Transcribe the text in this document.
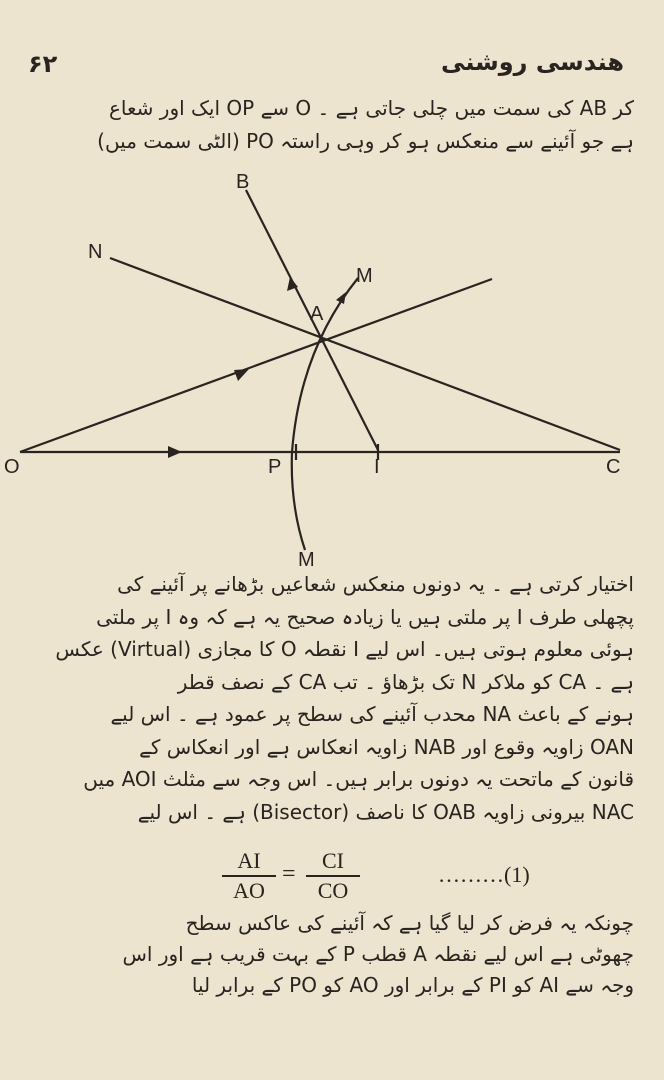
۶۲	هندسی روشنی
کر AB کی سمت میں چلی جاتی ہے ۔ O سے OP ایک اور شعاع
ہے جو آئینے سے منعکس ہو کر وہی راستہ PO (الٹی سمت میں)
B
N
M
A
O	P	I	C
M
اختیار کرتی ہے ۔ یہ دونوں منعکس شعاعیں بڑھانے پر آئینے کی
پچھلی طرف I پر ملتی ہیں یا زیادہ صحیح یہ ہے کہ وہ I پر ملتی
ہوئی معلوم ہوتی ہیں۔ اس لیے I نقطہ O کا مجازی (Virtual) عکس
ہے ۔ CA کو ملاکر N تک بڑھاؤ ۔ تب CA کے نصف قطر
ہونے کے باعث NA محدب آئینے کی سطح پر عمود ہے ۔ اس لیے
OAN زاویہ وقوع اور NAB زاویہ انعکاس ہے اور انعکاس کے
قانون کے ماتحت یہ دونوں برابر ہیں۔ اس وجہ سے مثلث AOI میں
NAC بیرونی زاویہ OAB کا ناصف (Bisector) ہے ۔ اس لیے
$\frac{AI}{AO} = \frac{CI}{CO}$	………(1)
چونکہ یہ فرض کر لیا گیا ہے کہ آئینے کی عاکس سطح
چھوٹی ہے اس لیے نقطہ A قطب P کے بہت قریب ہے اور اس
وجہ سے AI کو PI کے برابر اور AO کو PO کے برابر لیا
